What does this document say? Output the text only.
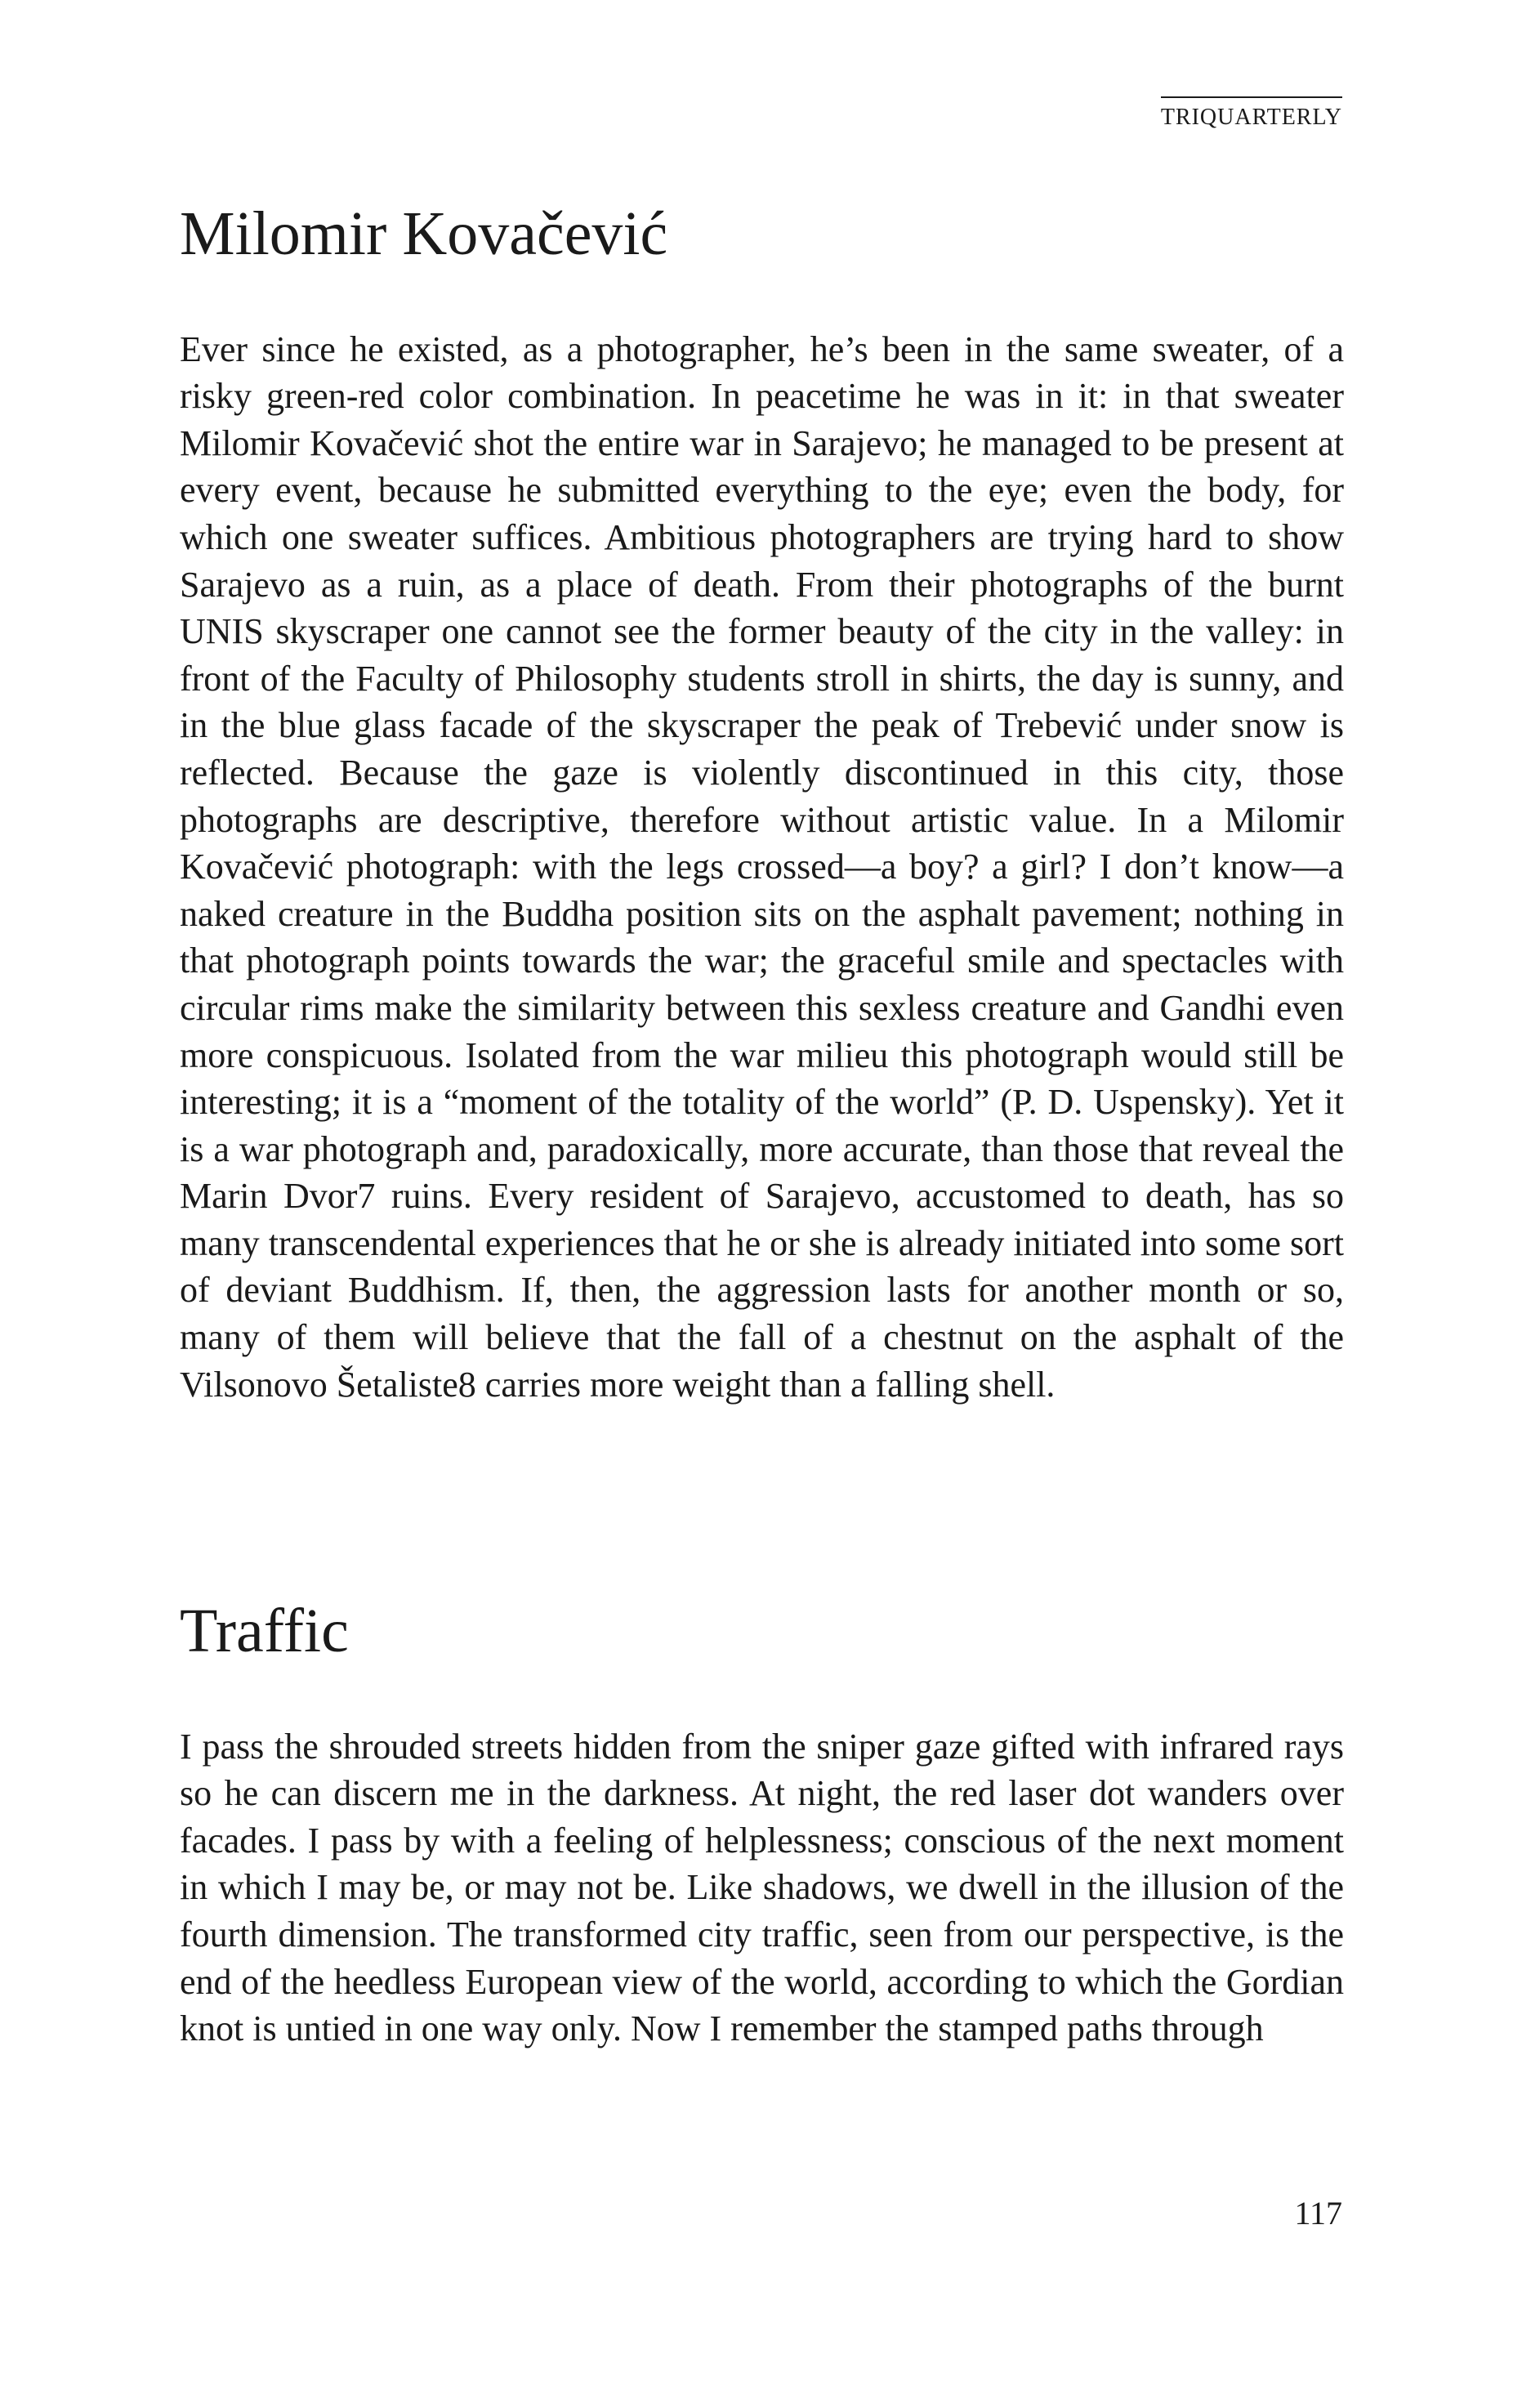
TRIQUARTERLY
Milomir Kovačević

Ever since he existed, as a photographer, he’s been in the same sweater, of a risky green-red color combination. In peacetime he was in it: in that sweater Milomir Kovačević shot the entire war in Sarajevo; he managed to be present at every event, because he submitted everything to the eye; even the body, for which one sweater suffices. Ambitious photographers are trying hard to show Sarajevo as a ruin, as a place of death. From their photographs of the burnt UNIS skyscraper one cannot see the former beauty of the city in the valley: in front of the Faculty of Philosophy students stroll in shirts, the day is sunny, and in the blue glass facade of the skyscraper the peak of Trebević under snow is reflected. Because the gaze is violently discontinued in this city, those photographs are descriptive, therefore without artistic value. In a Milomir Kovačević photograph: with the legs crossed—a boy? a girl? I don’t know—a naked creature in the Buddha position sits on the asphalt pavement; nothing in that photograph points towards the war; the graceful smile and spectacles with circular rims make the similarity between this sexless creature and Gandhi even more conspicuous. Isolated from the war milieu this photograph would still be interesting; it is a “moment of the totality of the world” (P. D. Uspensky). Yet it is a war photograph and, paradoxically, more accurate, than those that reveal the Marin Dvor7 ruins. Every resident of Sarajevo, accustomed to death, has so many transcendental experiences that he or she is already initiated into some sort of deviant Buddhism. If, then, the aggression lasts for another month or so, many of them will believe that the fall of a chestnut on the asphalt of the Vilsonovo Šetaliste8 carries more weight than a falling shell.

Traffic

I pass the shrouded streets hidden from the sniper gaze gifted with infrared rays so he can discern me in the darkness. At night, the red laser dot wanders over facades. I pass by with a feeling of helplessness; conscious of the next moment in which I may be, or may not be. Like shadows, we dwell in the illusion of the fourth dimension. The transformed city traffic, seen from our perspective, is the end of the heedless European view of the world, according to which the Gordian knot is untied in one way only. Now I remember the stamped paths through

117
